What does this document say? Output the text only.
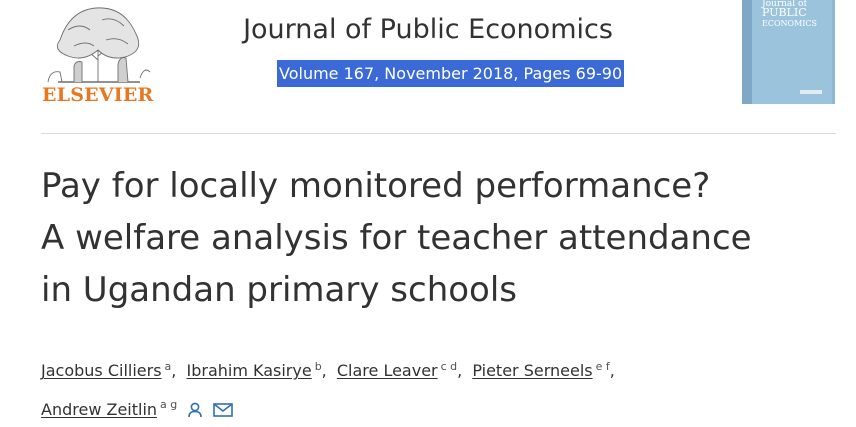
ELSEVIER
Journal of Public Economics
Volume 167, November 2018, Pages 69-90
Journal of
PUBLIC
ECONOMICS
Pay for locally monitored performance?
A welfare analysis for teacher attendance
in Ugandan primary schools
Jacobus Cilliers $^a$, Ibrahim Kasirye $^b$, Clare Leaver $^{c d}$, Pieter Serneels $^{e f}$,
Andrew Zeitlin $^{a g}$
